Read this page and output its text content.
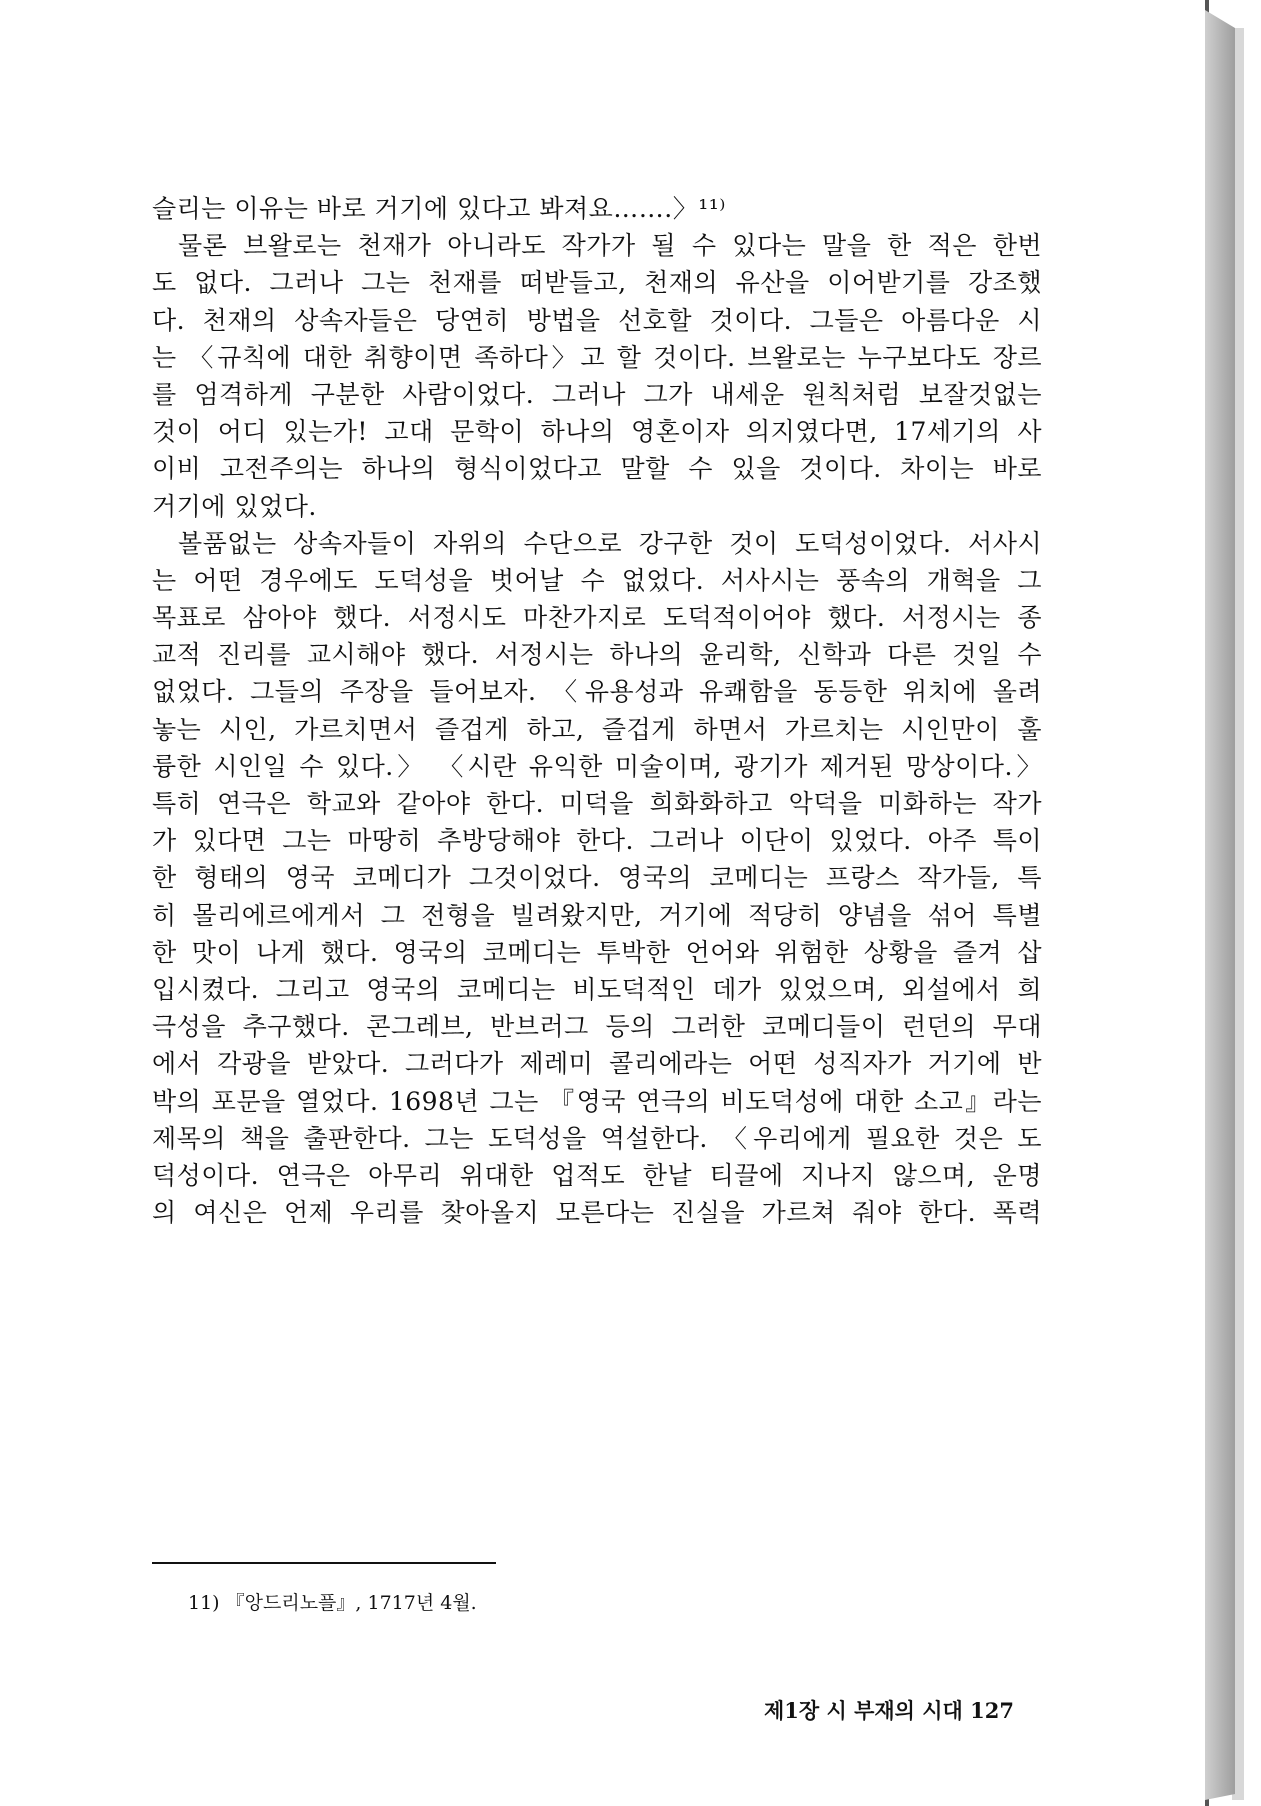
슬리는 이유는 바로 거기에 있다고 봐져요…….〉¹¹⁾
물론 브왈로는 천재가 아니라도 작가가 될 수 있다는 말을 한 적은 한번
도 없다. 그러나 그는 천재를 떠받들고, 천재의 유산을 이어받기를 강조했
다. 천재의 상속자들은 당연히 방법을 선호할 것이다. 그들은 아름다운 시
는 〈규칙에 대한 취향이면 족하다〉고 할 것이다. 브왈로는 누구보다도 장르
를 엄격하게 구분한 사람이었다. 그러나 그가 내세운 원칙처럼 보잘것없는
것이 어디 있는가! 고대 문학이 하나의 영혼이자 의지였다면, 17세기의 사
이비 고전주의는 하나의 형식이었다고 말할 수 있을 것이다. 차이는 바로
거기에 있었다.
볼품없는 상속자들이 자위의 수단으로 강구한 것이 도덕성이었다. 서사시
는 어떤 경우에도 도덕성을 벗어날 수 없었다. 서사시는 풍속의 개혁을 그
목표로 삼아야 했다. 서정시도 마찬가지로 도덕적이어야 했다. 서정시는 종
교적 진리를 교시해야 했다. 서정시는 하나의 윤리학, 신학과 다른 것일 수
없었다. 그들의 주장을 들어보자. 〈유용성과 유쾌함을 동등한 위치에 올려
놓는 시인, 가르치면서 즐겁게 하고, 즐겁게 하면서 가르치는 시인만이 훌
륭한 시인일 수 있다.〉 〈시란 유익한 미술이며, 광기가 제거된 망상이다.〉
특히 연극은 학교와 같아야 한다. 미덕을 희화화하고 악덕을 미화하는 작가
가 있다면 그는 마땅히 추방당해야 한다. 그러나 이단이 있었다. 아주 특이
한 형태의 영국 코메디가 그것이었다. 영국의 코메디는 프랑스 작가들, 특
히 몰리에르에게서 그 전형을 빌려왔지만, 거기에 적당히 양념을 섞어 특별
한 맛이 나게 했다. 영국의 코메디는 투박한 언어와 위험한 상황을 즐겨 삽
입시켰다. 그리고 영국의 코메디는 비도덕적인 데가 있었으며, 외설에서 희
극성을 추구했다. 콘그레브, 반브러그 등의 그러한 코메디들이 런던의 무대
에서 각광을 받았다. 그러다가 제레미 콜리에라는 어떤 성직자가 거기에 반
박의 포문을 열었다. 1698년 그는 『영국 연극의 비도덕성에 대한 소고』라는
제목의 책을 출판한다. 그는 도덕성을 역설한다. 〈우리에게 필요한 것은 도
덕성이다. 연극은 아무리 위대한 업적도 한낱 티끌에 지나지 않으며, 운명
의 여신은 언제 우리를 찾아올지 모른다는 진실을 가르쳐 줘야 한다. 폭력
11) 『앙드리노플』, 1717년 4월.
제1장 시 부재의 시대 127
